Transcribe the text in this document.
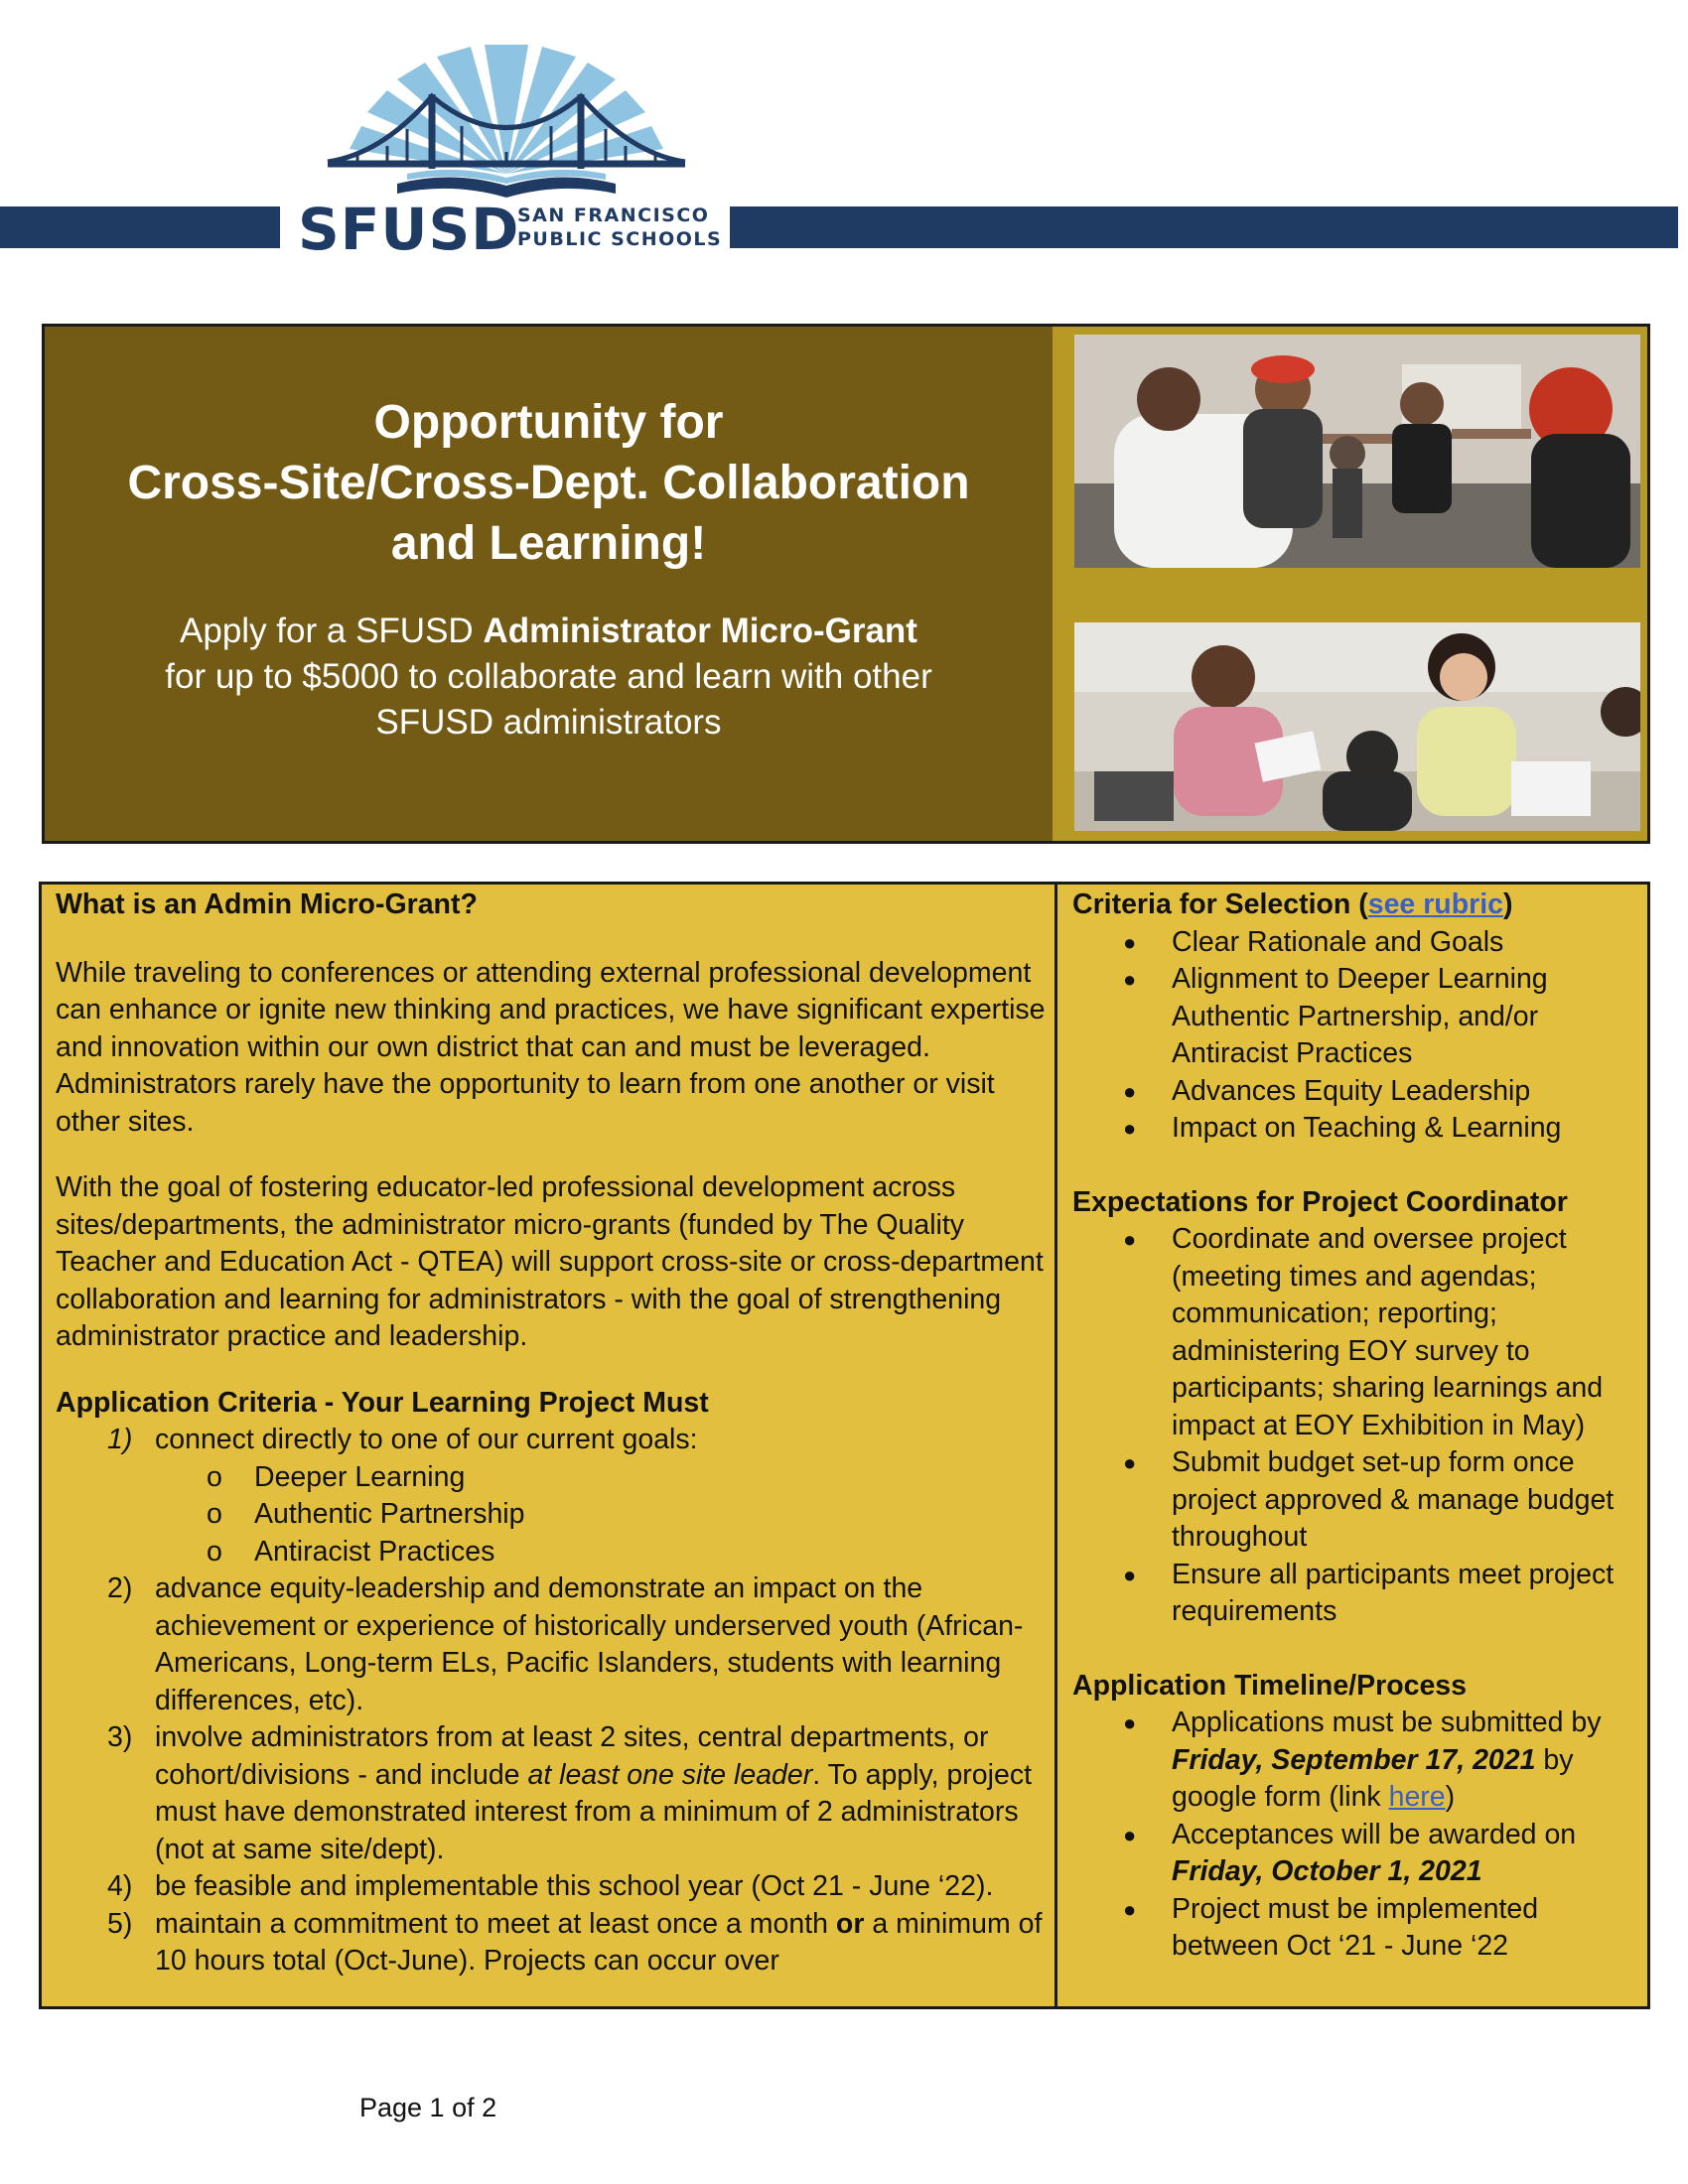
SFUSD
SAN FRANCISCO
PUBLIC SCHOOLS
Opportunity for
Cross-Site/Cross-Dept. Collaboration
and Learning!
Apply for a SFUSD Administrator Micro-Grant
for up to $5000 to collaborate and learn with other
SFUSD administrators

What is an Admin Micro-Grant?

While traveling to conferences or attending external professional development can enhance or ignite new thinking and practices, we have significant expertise and innovation within our own district that can and must be leveraged. Administrators rarely have the opportunity to learn from one another or visit other sites.

With the goal of fostering educator-led professional development across sites/departments, the administrator micro-grants (funded by The Quality Teacher and Education Act - QTEA) will support cross-site or cross-department collaboration and learning for administrators - with the goal of strengthening administrator practice and leadership.

Application Criteria - Your Learning Project Must

1) connect directly to one of our current goals:
o Deeper Learning
o Authentic Partnership
o Antiracist Practices
2) advance equity-leadership and demonstrate an impact on the achievement or experience of historically underserved youth (African-Americans, Long-term ELs, Pacific Islanders, students with learning differences, etc).
3) involve administrators from at least 2 sites, central departments, or cohort/divisions - and include at least one site leader. To apply, project must have demonstrated interest from a minimum of 2 administrators (not at same site/dept).
4) be feasible and implementable this school year (Oct 21 - June ‘22).
5) maintain a commitment to meet at least once a month or a minimum of 10 hours total (Oct-June). Projects can occur over

Criteria for Selection (see rubric)

● Clear Rationale and Goals
● Alignment to Deeper Learning Authentic Partnership, and/or Antiracist Practices
● Advances Equity Leadership
● Impact on Teaching & Learning

Expectations for Project Coordinator

● Coordinate and oversee project (meeting times and agendas; communication; reporting; administering EOY survey to participants; sharing learnings and impact at EOY Exhibition in May)
● Submit budget set-up form once project approved & manage budget throughout
● Ensure all participants meet project requirements

Application Timeline/Process

● Applications must be submitted by Friday, September 17, 2021 by google form (link here)
● Acceptances will be awarded on Friday, October 1, 2021
● Project must be implemented between Oct ‘21 - June ‘22
Page 1 of 2
